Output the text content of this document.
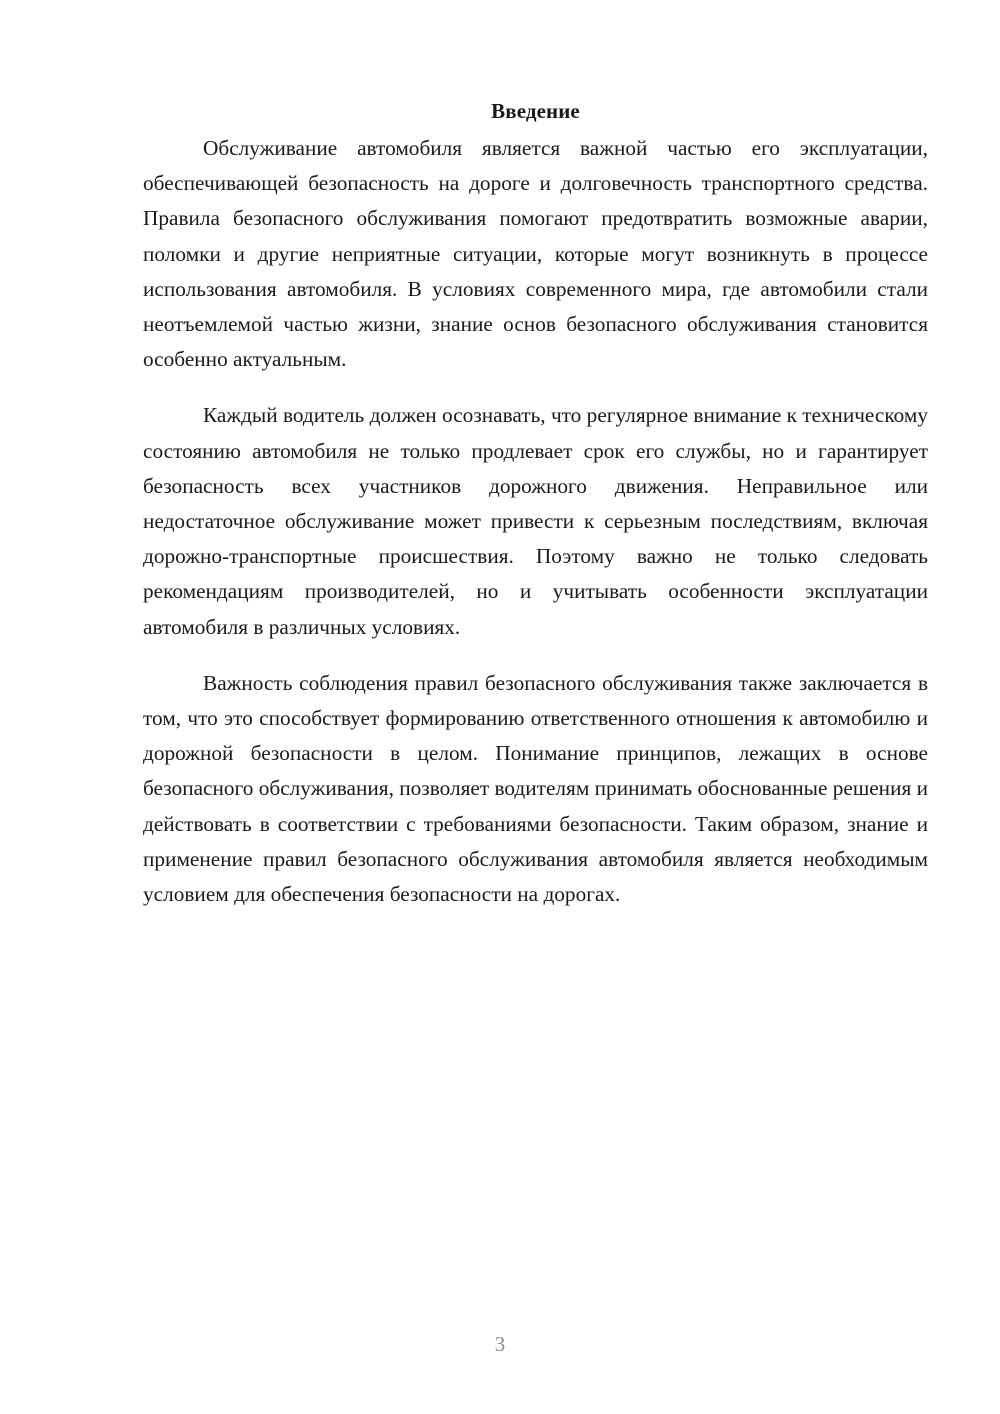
Введение

Обслуживание автомобиля является важной частью его эксплуатации, обеспечивающей безопасность на дороге и долговечность транспортного средства. Правила безопасного обслуживания помогают предотвратить возможные аварии, поломки и другие неприятные ситуации, которые могут возникнуть в процессе использования автомобиля. В условиях современного мира, где автомобили стали неотъемлемой частью жизни, знание основ безопасного обслуживания становится особенно актуальным.

Каждый водитель должен осознавать, что регулярное внимание к техническому состоянию автомобиля не только продлевает срок его службы, но и гарантирует безопасность всех участников дорожного движения. Неправильное или недостаточное обслуживание может привести к серьезным последствиям, включая дорожно-транспортные происшествия. Поэтому важно не только следовать рекомендациям производителей, но и учитывать особенности эксплуатации автомобиля в различных условиях.

Важность соблюдения правил безопасного обслуживания также заключается в том, что это способствует формированию ответственного отношения к автомобилю и дорожной безопасности в целом. Понимание принципов, лежащих в основе безопасного обслуживания, позволяет водителям принимать обоснованные решения и действовать в соответствии с требованиями безопасности. Таким образом, знание и применение правил безопасного обслуживания автомобиля является необходимым условием для обеспечения безопасности на дорогах.

3
